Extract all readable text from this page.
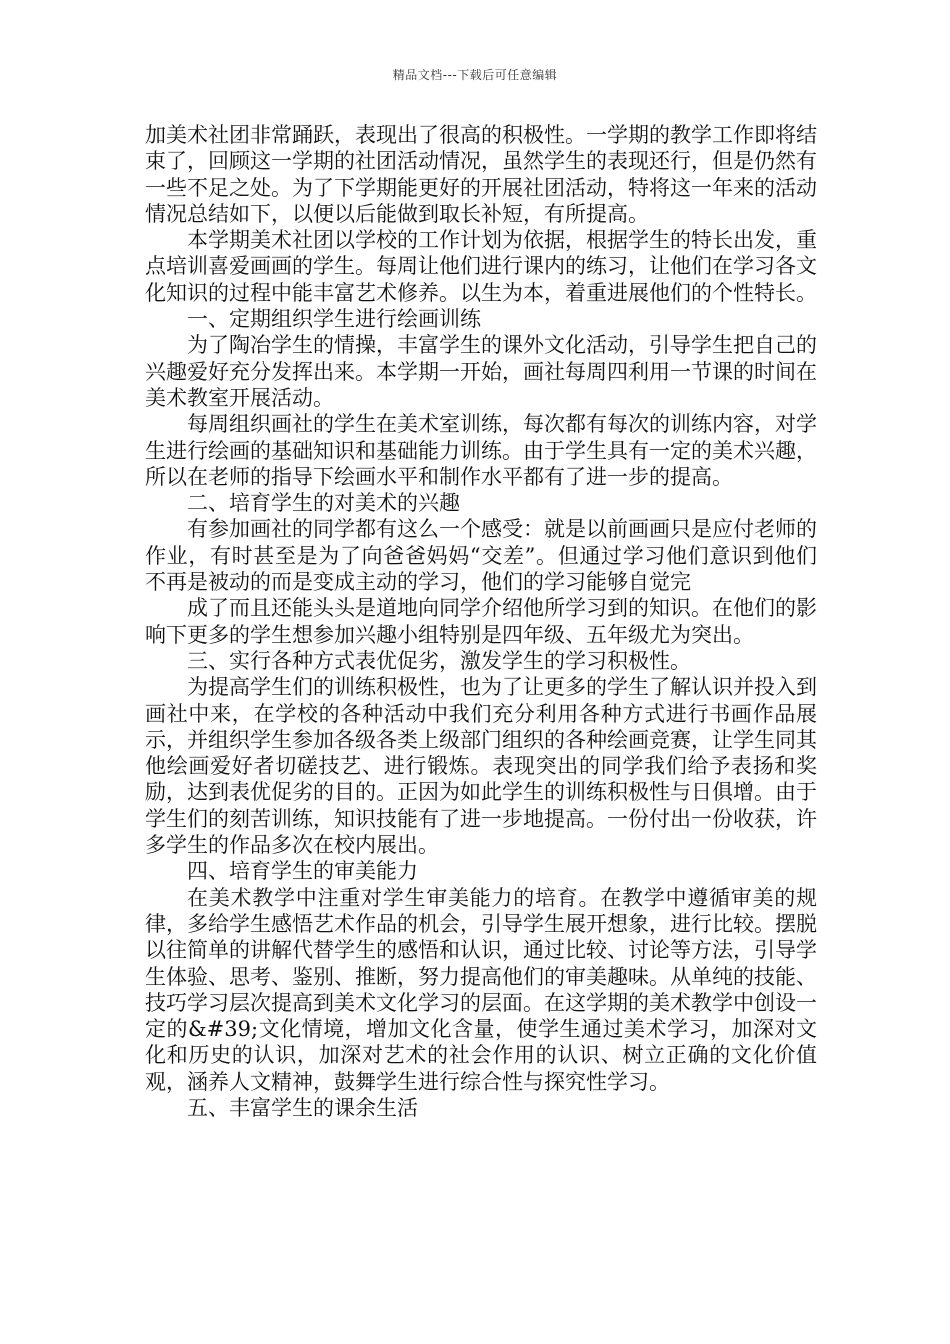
精品文档---下载后可任意编辑

加美术社团非常踊跃，表现出了很高的积极性。一学期的教学工作即将结束了，回顾这一学期的社团活动情况，虽然学生的表现还行，但是仍然有一些不足之处。为了下学期能更好的开展社团活动，特将这一年来的活动情况总结如下，以便以后能做到取长补短，有所提高。

本学期美术社团以学校的工作计划为依据，根据学生的特长出发，重点培训喜爱画画的学生。每周让他们进行课内的练习，让他们在学习各文化知识的过程中能丰富艺术修养。以生为本，着重进展他们的个性特长。

一、定期组织学生进行绘画训练

为了陶冶学生的情操，丰富学生的课外文化活动，引导学生把自己的兴趣爱好充分发挥出来。本学期一开始，画社每周四利用一节课的时间在美术教室开展活动。

每周组织画社的学生在美术室训练，每次都有每次的训练内容，对学生进行绘画的基础知识和基础能力训练。由于学生具有一定的美术兴趣，所以在老师的指导下绘画水平和制作水平都有了进一步的提高。

二、培育学生的对美术的兴趣

有参加画社的同学都有这么一个感受：就是以前画画只是应付老师的作业，有时甚至是为了向爸爸妈妈“交差”。但通过学习他们意识到他们不再是被动的而是变成主动的学习，他们的学习能够自觉完

成了而且还能头头是道地向同学介绍他所学习到的知识。在他们的影响下更多的学生想参加兴趣小组特别是四年级、五年级尤为突出。

三、实行各种方式表优促劣，激发学生的学习积极性。

为提高学生们的训练积极性，也为了让更多的学生了解认识并投入到画社中来，在学校的各种活动中我们充分利用各种方式进行书画作品展示，并组织学生参加各级各类上级部门组织的各种绘画竞赛，让学生同其他绘画爱好者切磋技艺、进行锻炼。表现突出的同学我们给予表扬和奖励，达到表优促劣的目的。正因为如此学生的训练积极性与日俱增。由于学生们的刻苦训练，知识技能有了进一步地提高。一份付出一份收获，许多学生的作品多次在校内展出。

四、培育学生的审美能力

在美术教学中注重对学生审美能力的培育。在教学中遵循审美的规律，多给学生感悟艺术作品的机会，引导学生展开想象，进行比较。摆脱以往简单的讲解代替学生的感悟和认识，通过比较、讨论等方法，引导学生体验、思考、鉴别、推断，努力提高他们的审美趣味。从单纯的技能、技巧学习层次提高到美术文化学习的层面。在这学期的美术教学中创设一定的&#39;文化情境，增加文化含量，使学生通过美术学习，加深对文化和历史的认识，加深对艺术的社会作用的认识、树立正确的文化价值观，涵养人文精神，鼓舞学生进行综合性与探究性学习。

五、丰富学生的课余生活
